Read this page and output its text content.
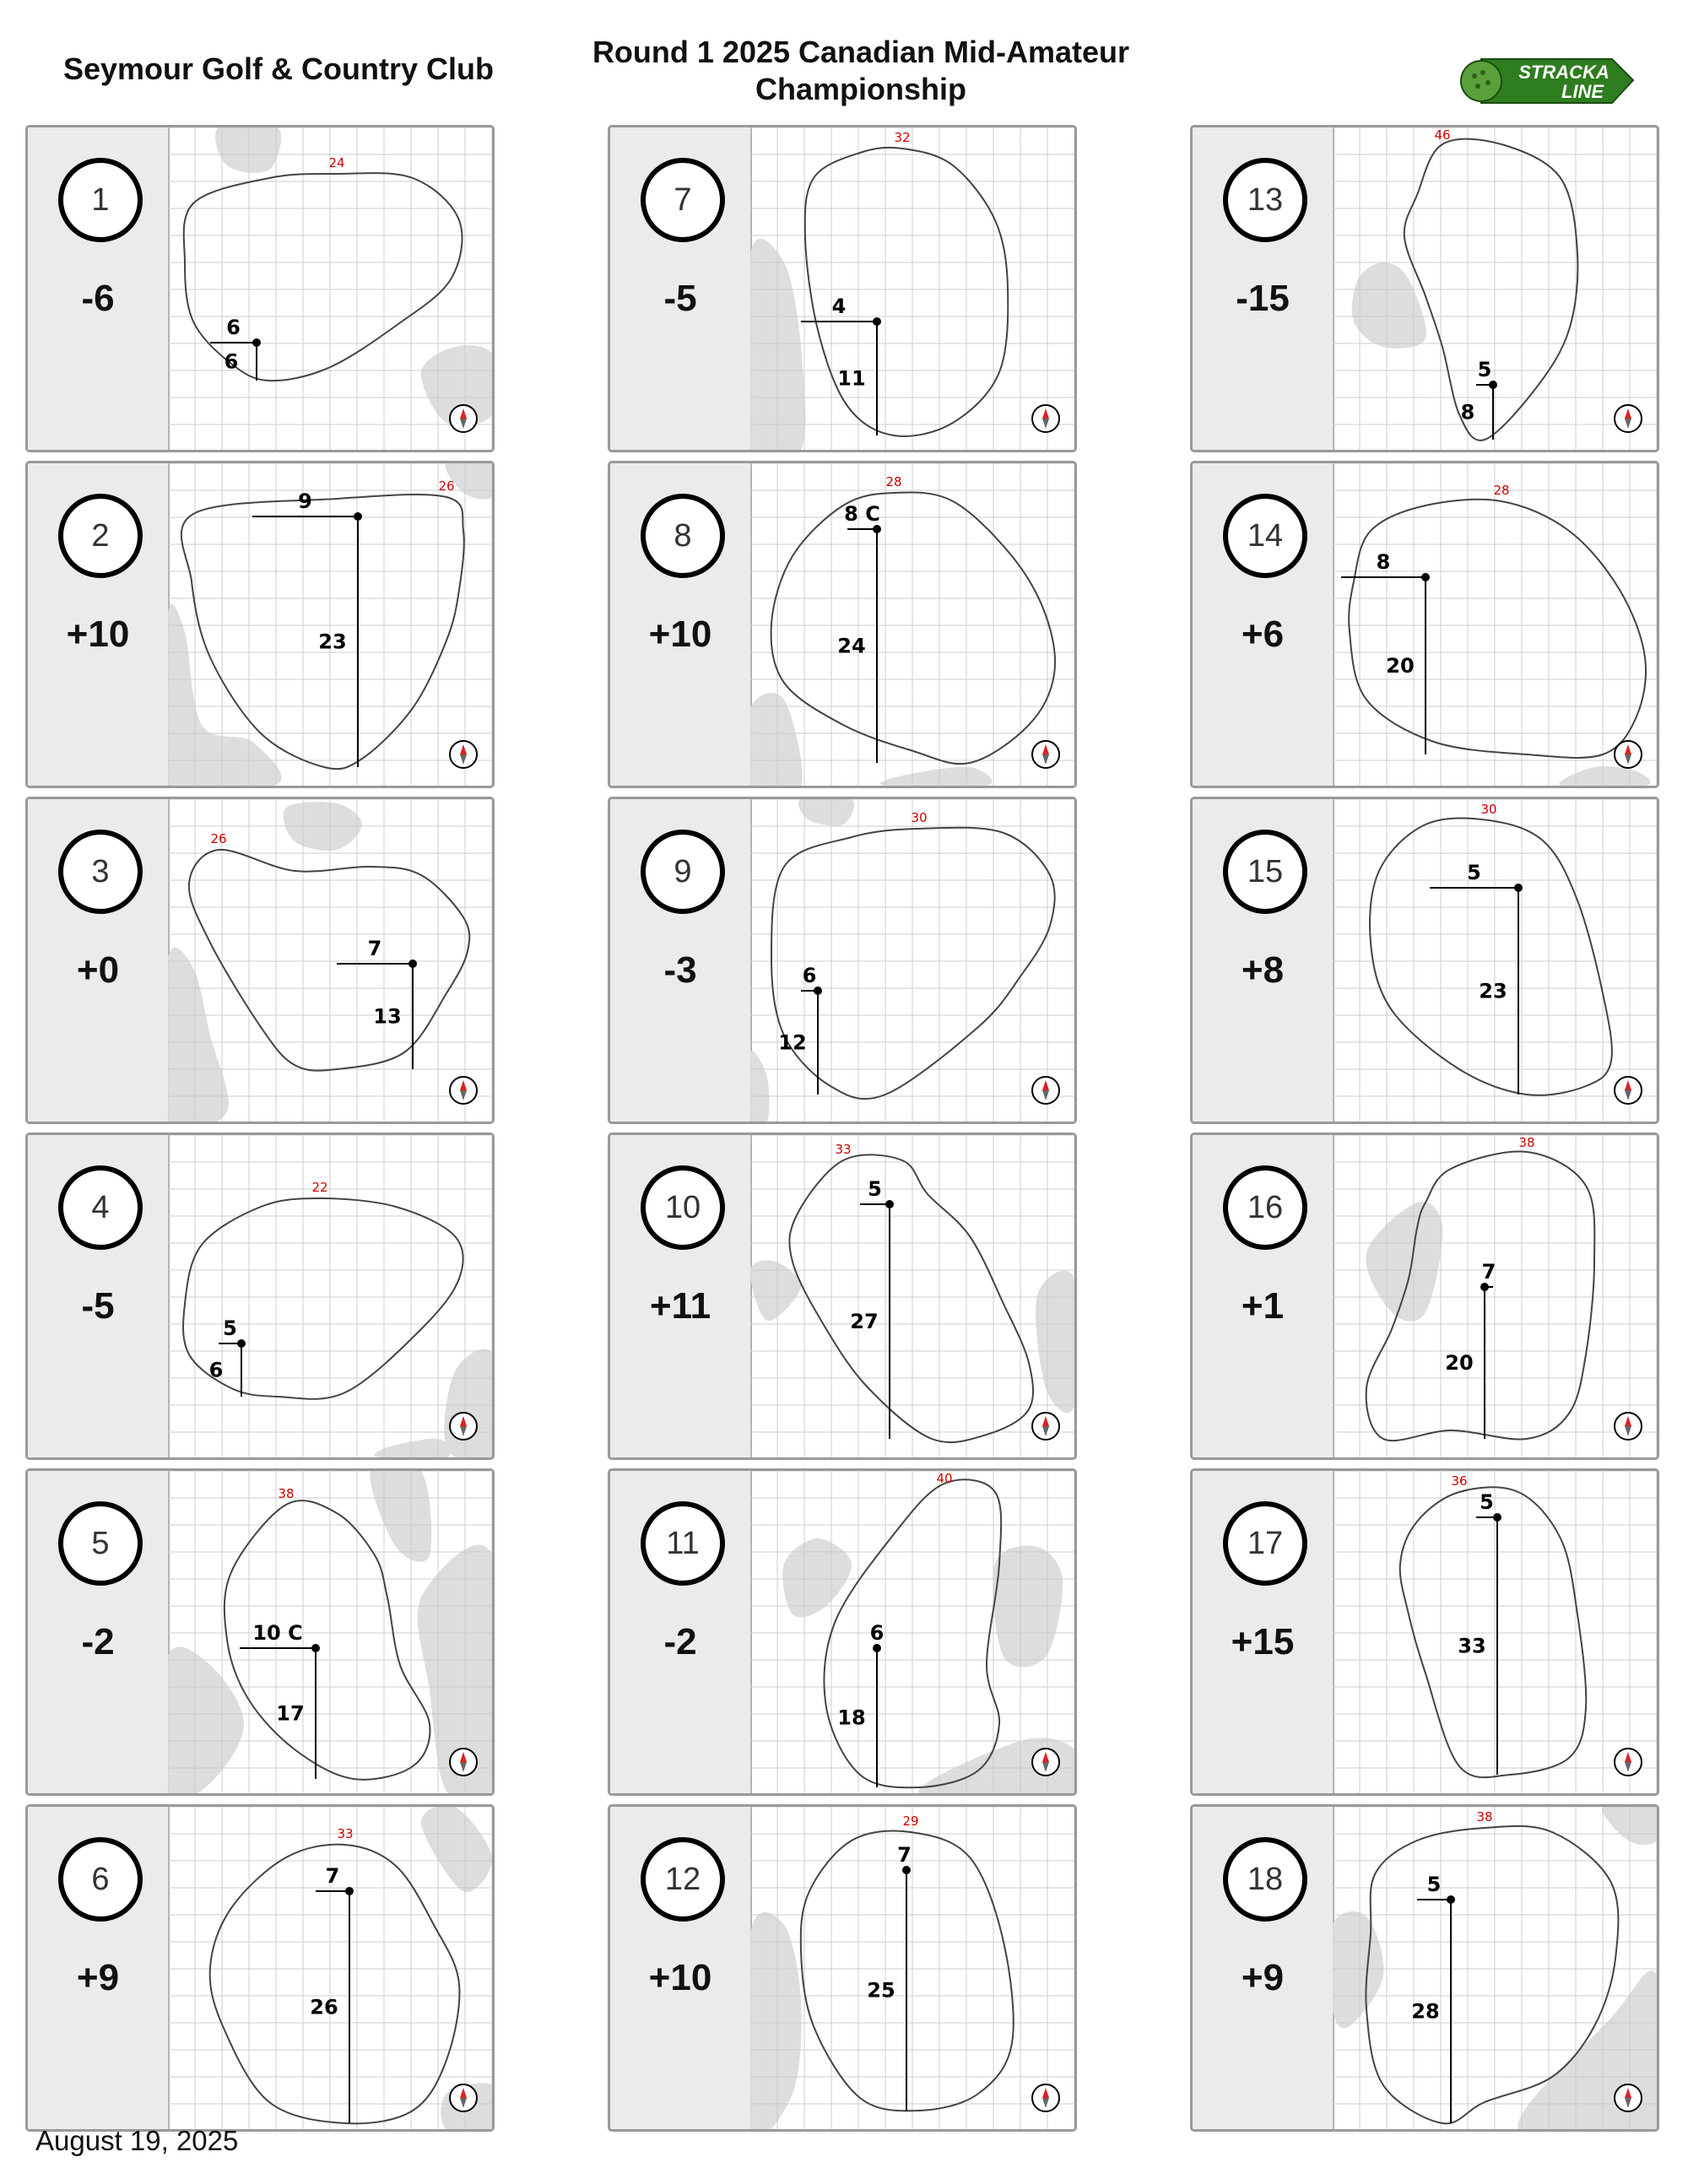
Seymour Golf & Country Club	Round 1 2025 Canadian Mid-Amateur Championship	STRACKA
LINE
1
-6
24
6
6
2
+10
26
9
23
3
+0
26
7
13
4
-5
22
5
6
5
-2
38
10 C
17
6
+9
33
7
26
7
-5
32
4
11
8
+10
28
8 C
24
9
-3
30
6
12
10
+11
33
5
27
11
-2
40
6
18
12
+10
29
7
25
13
-15
46
5
8
14
+6
28
8
20
15
+8
30
5
23
16
+1
38
7
20
17
+15
36
5
33
18
+9
38
5
28
August 19, 2025
